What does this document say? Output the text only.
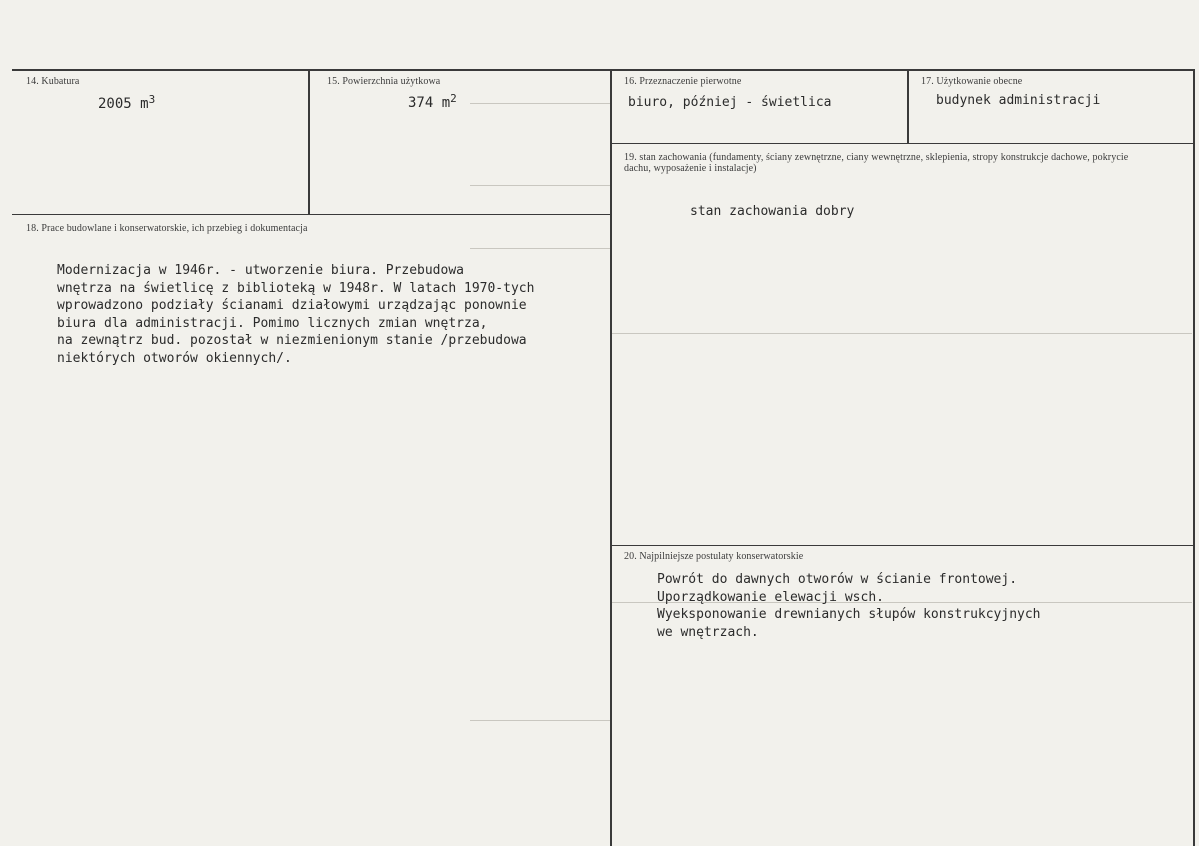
14. Kubatura
2005 $m^3$
15. Powierzchnia użytkowa
374 $m^2$
16. Przeznaczenie pierwotne
biuro, później - świetlica
17. Użytkowanie obecne
budynek administracji
18. Prace budowlane i konserwatorskie, ich przebieg i dokumentacja
Modernizacja w 1946r. - utworzenie biura. Przebudowa
wnętrza na świetlicę z biblioteką w 1948r. W latach 1970-tych
wprowadzono podziały ścianami działowymi urządzając ponownie
biura dla administracji. Pomimo licznych zmian wnętrza,
na zewnątrz bud. pozostał w niezmienionym stanie /przebudowa
niektórych otworów okiennych/.
19. stan zachowania (fundamenty, ściany zewnętrzne, ciany wewnętrzne, sklepienia, stropy konstrukcje dachowe, pokrycie dachu, wyposażenie i instalacje)
stan zachowania dobry
20. Najpilniejsze postulaty konserwatorskie
Powrót do dawnych otworów w ścianie frontowej.
Uporządkowanie elewacji wsch.
Wyeksponowanie drewnianych słupów konstrukcyjnych
we wnętrzach.
